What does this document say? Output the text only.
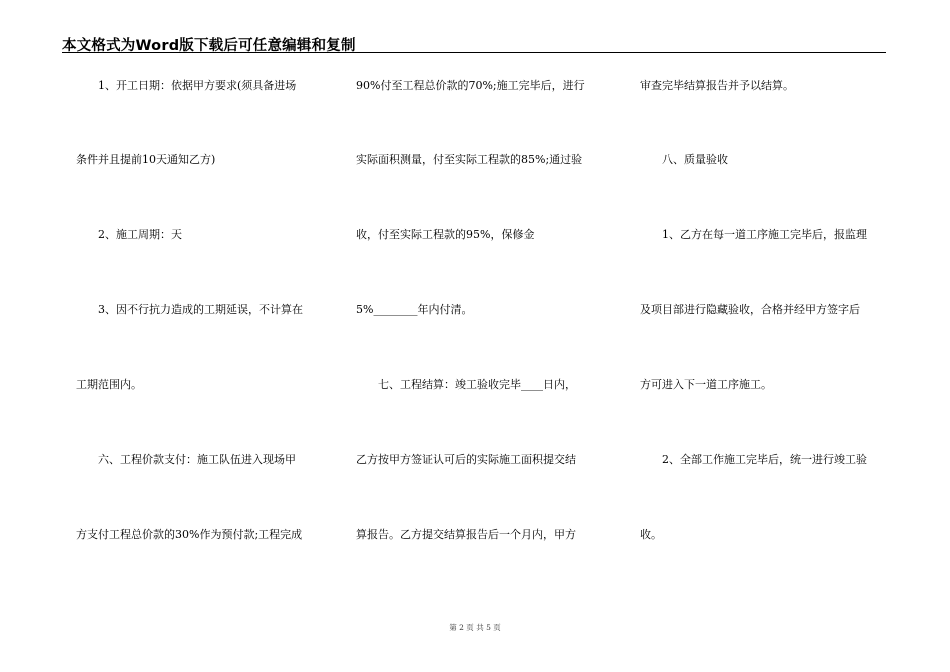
本文格式为Word版下载后可任意编辑和复制
　　1、开工日期：依据甲方要求(须具备进场
条件并且提前10天通知乙方)
　　2、施工周期：天
　　3、因不行抗力造成的工期延误，不计算在
工期范围内。
　　六、工程价款支付：施工队伍进入现场甲
方支付工程总价款的30%作为预付款;工程完成
90%付至工程总价款的70%;施工完毕后，进行
实际面积测量，付至实际工程款的85%;通过验
收，付至实际工程款的95%，保修金
5%________年内付清。
　　七、工程结算：竣工验收完毕____日内，
乙方按甲方签证认可后的实际施工面积提交结
算报告。乙方提交结算报告后一个月内，甲方
审查完毕结算报告并予以结算。
　　八、质量验收
　　1、乙方在每一道工序施工完毕后，报监理
及项目部进行隐藏验收，合格并经甲方签字后
方可进入下一道工序施工。
　　2、全部工作施工完毕后，统一进行竣工验
收。
第 2 页 共 5 页
